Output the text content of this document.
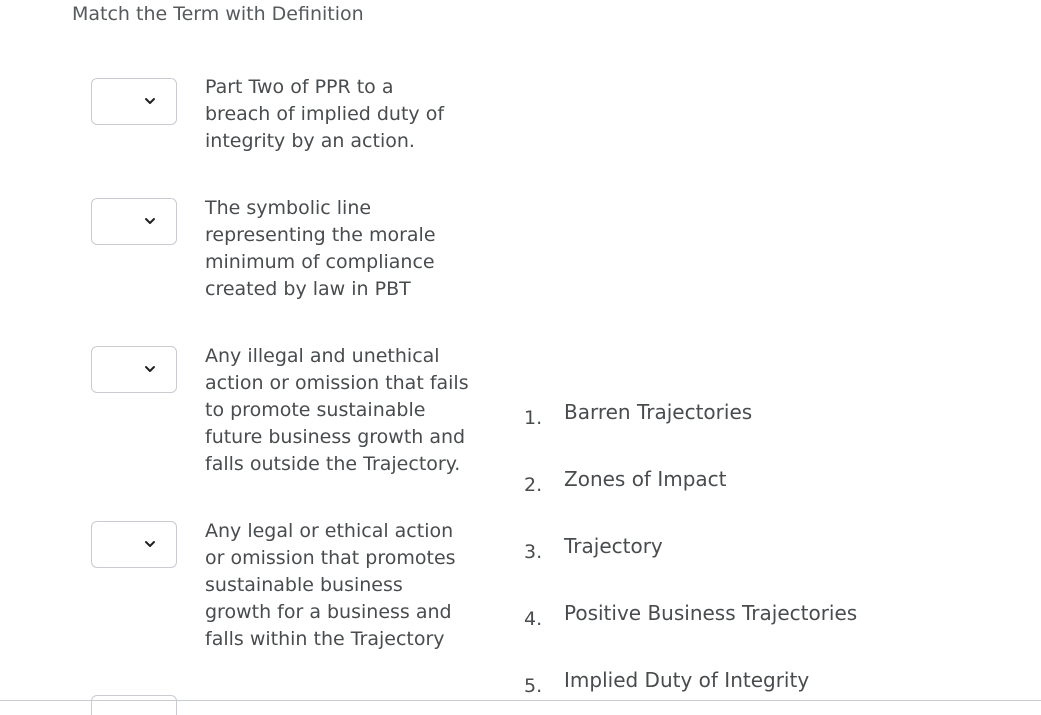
Match the Term with Definition
Part Two of PPR to a
breach of implied duty of
integrity by an action.
The symbolic line
representing the morale
minimum of compliance
created by law in PBT
Any illegal and unethical
action or omission that fails
to promote sustainable
future business growth and
falls outside the Trajectory.
Any legal or ethical action
or omission that promotes
sustainable business
growth for a business and
falls within the Trajectory
1. Barren Trajectories
2. Zones of Impact
3. Trajectory
4. Positive Business Trajectories
5. Implied Duty of Integrity
